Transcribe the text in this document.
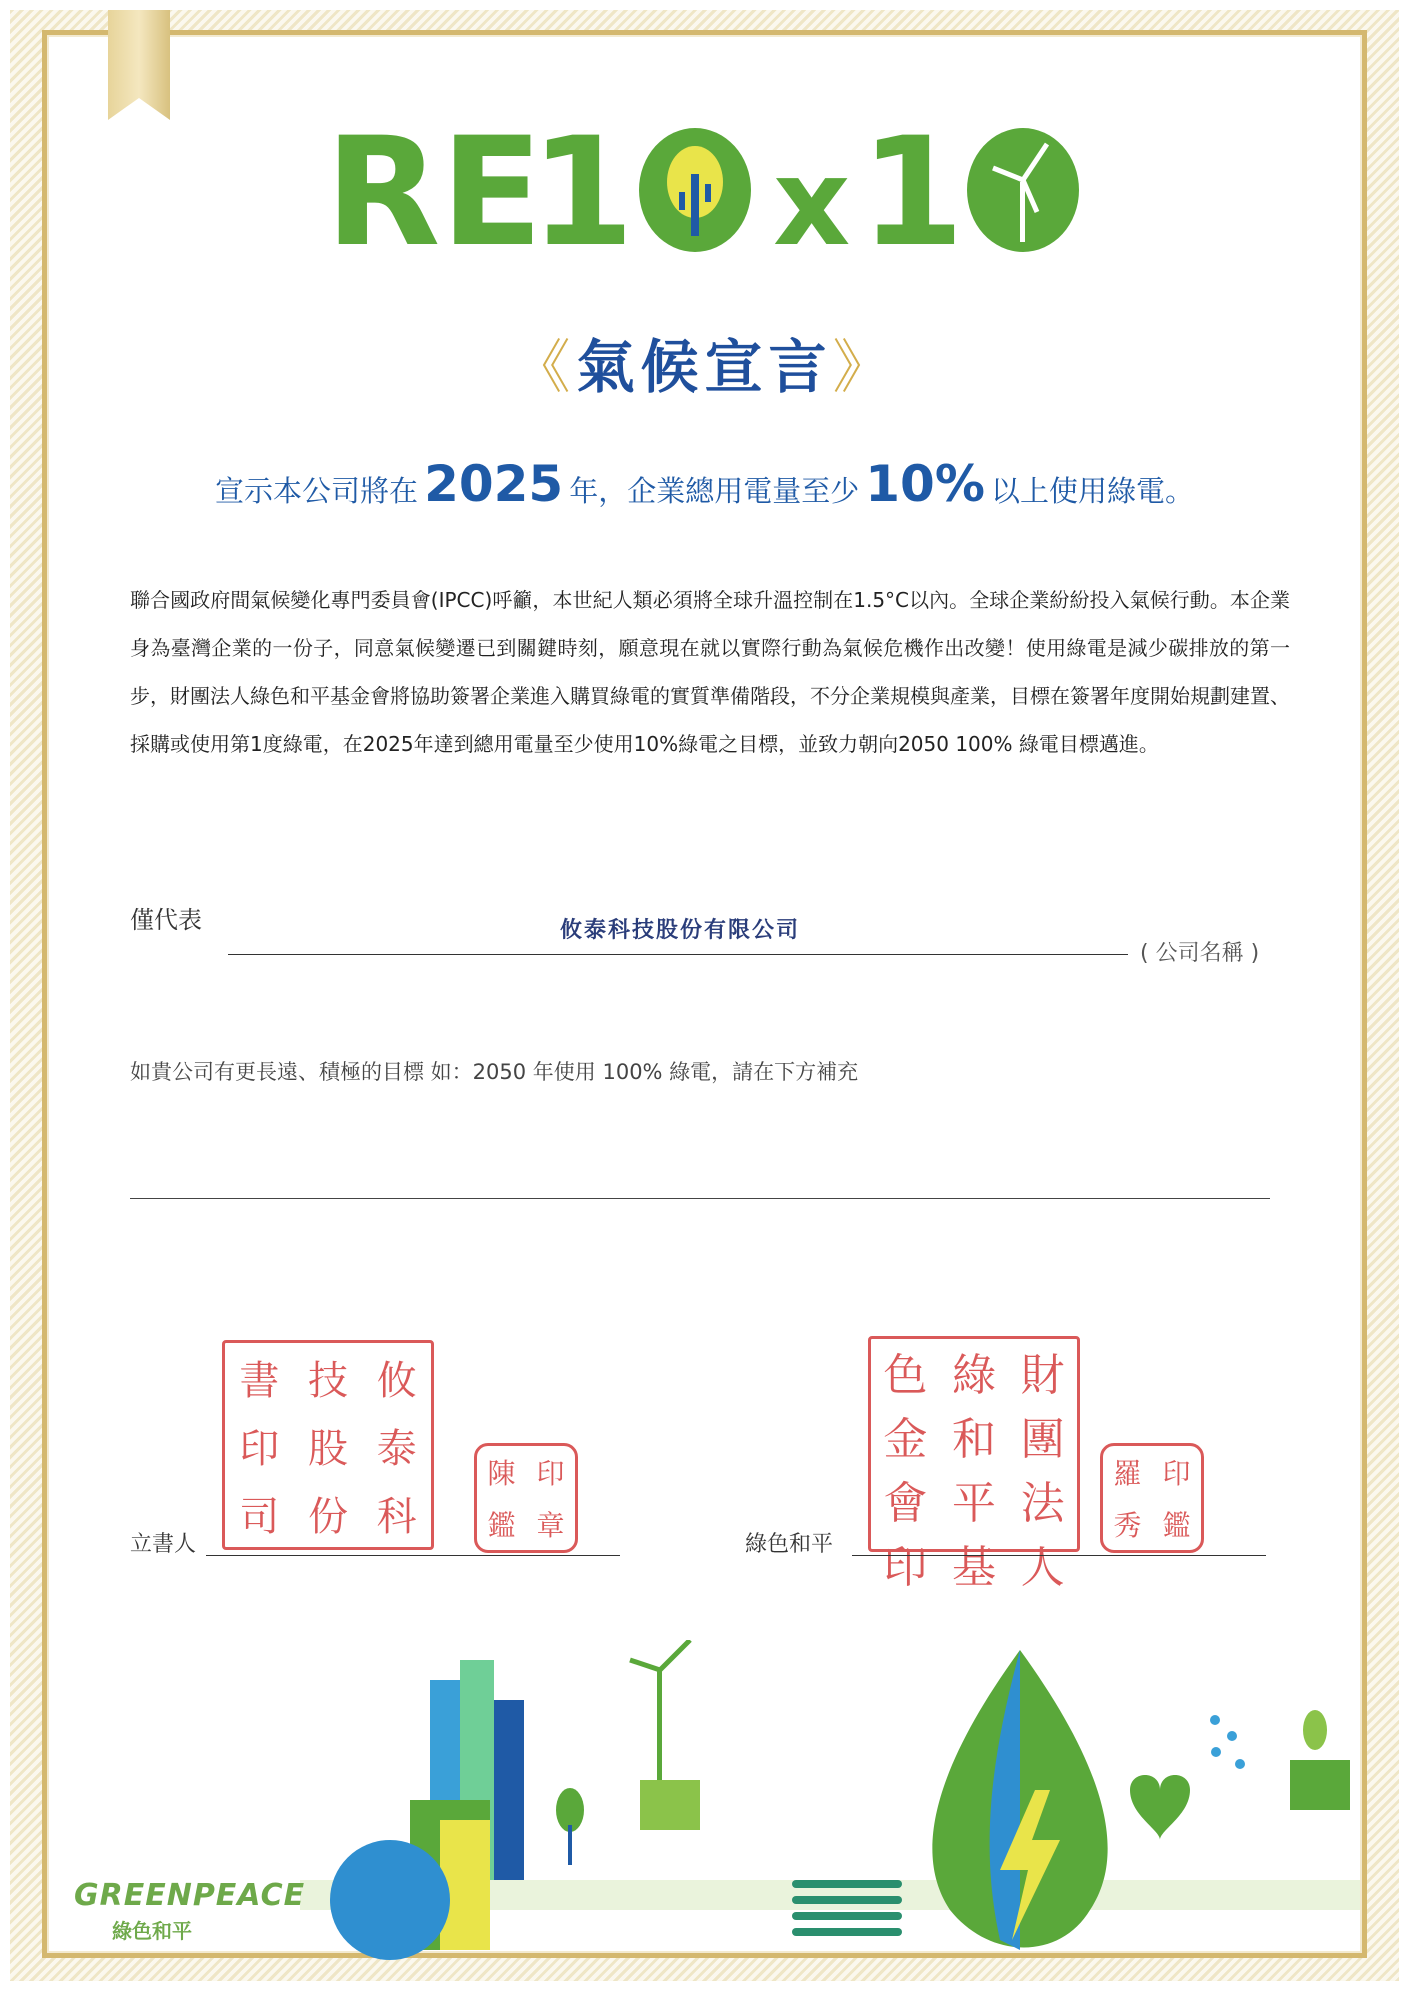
RE
1 x 1
《氣候宣言》
宣示本公司將在 2025 年，企業總用電量至少 10% 以上使用綠電。
聯合國政府間氣候變化專門委員會(IPCC)呼籲，本世紀人類必須將全球升溫控制在1.5°C以內。全球企業紛紛投入氣候行動。本企業身為臺灣企業的一份子，同意氣候變遷已到關鍵時刻，願意現在就以實際行動為氣候危機作出改變！使用綠電是減少碳排放的第一步，財團法人綠色和平基金會將協助簽署企業進入購買綠電的實質準備階段，不分企業規模與產業，目標在簽署年度開始規劃建置、採購或使用第1度綠電，在2025年達到總用電量至少使用10%綠電之目標，並致力朝向2050 100% 綠電目標邁進。
僅代表	攸泰科技股份有限公司
( 公司名稱 )
如貴公司有更長遠、積極的目標 如：2050 年使用 100% 綠電，請在下方補充
書 技 攸
印 股 泰
司 份 科
陳 印
鑑 章
色 綠 財
金 和 團
會 平 法
印 基 人
羅 印
秀 鑑
立書人	綠色和平
GREENPEACE
綠色和平
